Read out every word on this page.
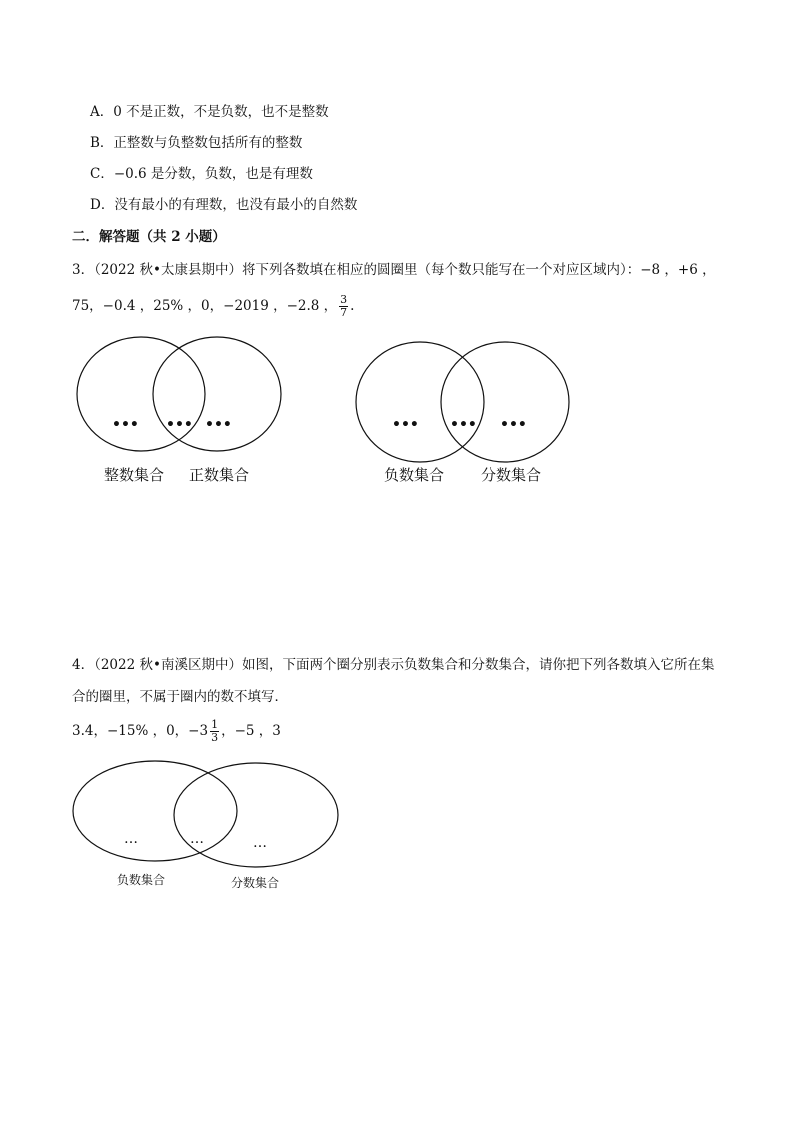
A．0 不是正数，不是负数，也不是整数
B．正整数与负整数包括所有的整数
C．−0.6 是分数，负数，也是有理数
D．没有最小的有理数，也没有最小的自然数
二．解答题（共 2 小题）
3．（2022 秋•太康县期中）将下列各数填在相应的圆圈里（每个数只能写在一个对应区域内）：−8 ，+6 ，
75，−0.4 ，25% ，0，−2019 ，−2.8 ， $\frac{3}{7}$ .
4．（2022 秋•南溪区期中）如图，下面两个圈分别表示负数集合和分数集合，请你把下列各数填入它所在集
合的圈里，不属于圈内的数不填写．
3.4，−15% ，0，$-3 \frac{1}{3}$ ，−5 ，3
••• ••• •••
整数集合 正数集合
••• ••• •••
负数集合 分数集合
…	…	…
负数集合	分数集合
